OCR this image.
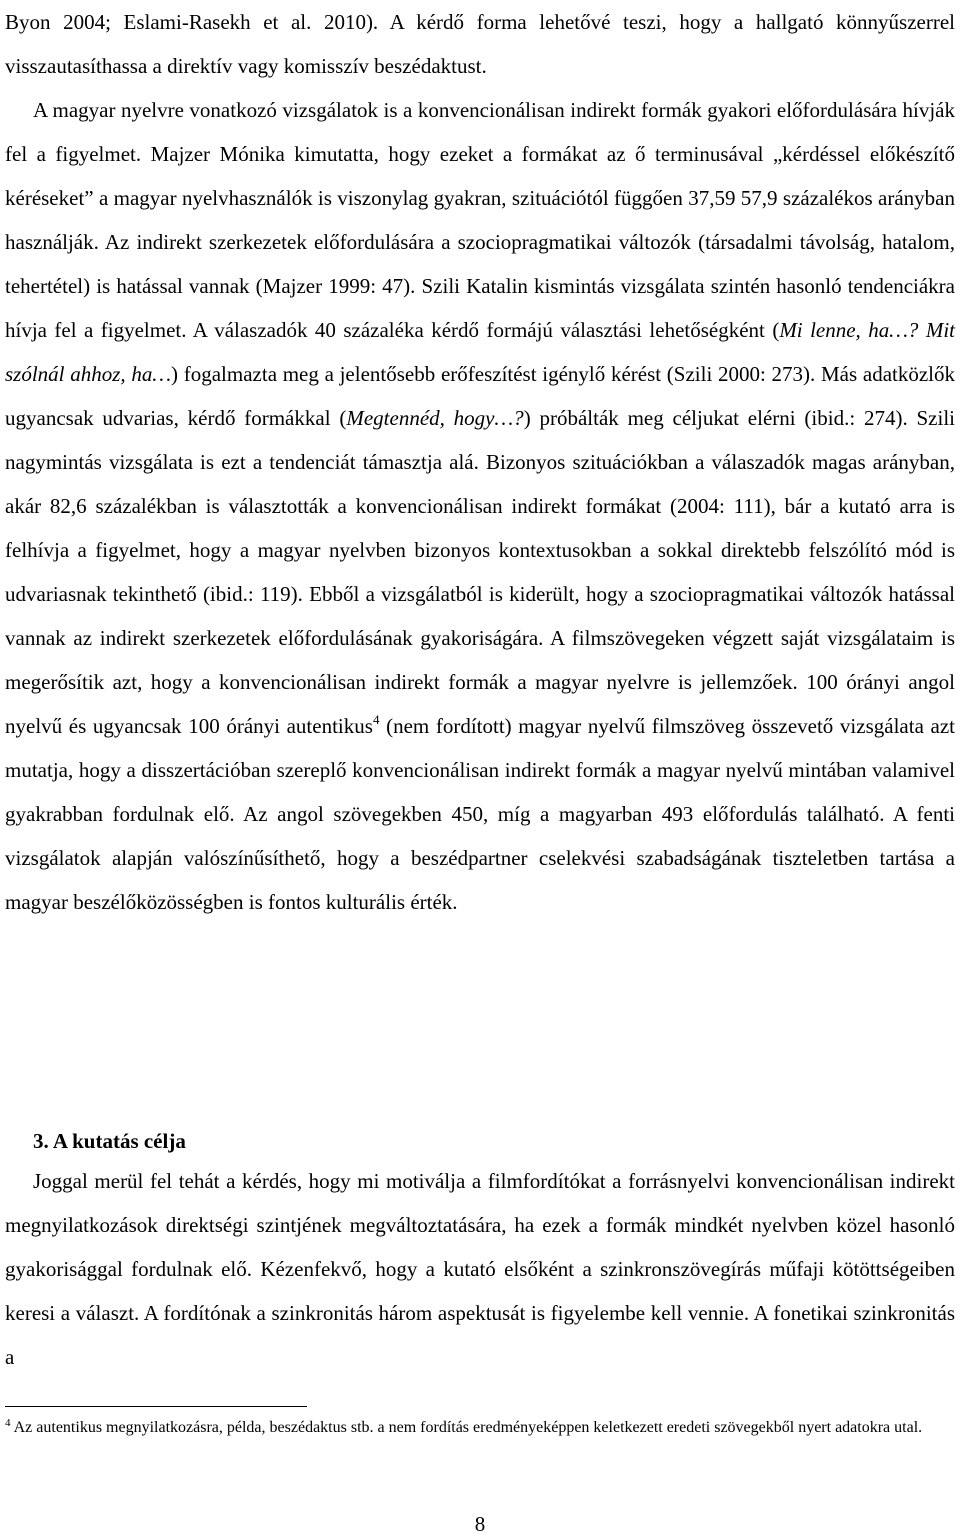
Byon 2004; Eslami-Rasekh et al. 2010). A kérdő forma lehetővé teszi, hogy a hallgató könnyűszerrel visszautasíthassa a direktív vagy komisszív beszédaktust.

A magyar nyelvre vonatkozó vizsgálatok is a konvencionálisan indirekt formák gyakori előfordulására hívják fel a figyelmet. Majzer Mónika kimutatta, hogy ezeket a formákat az ő terminusával „kérdéssel előkészítő kéréseket” a magyar nyelvhasználók is viszonylag gyakran, szituációtól függően 37,59 57,9 százalékos arányban használják. Az indirekt szerkezetek előfordulására a szociopragmatikai változók (társadalmi távolság, hatalom, tehertétel) is hatással vannak (Majzer 1999: 47). Szili Katalin kismintás vizsgálata szintén hasonló tendenciákra hívja fel a figyelmet. A válaszadók 40 százaléka kérdő formájú választási lehetőségként (Mi lenne, ha…? Mit szólnál ahhoz, ha…) fogalmazta meg a jelentősebb erőfeszítést igénylő kérést (Szili 2000: 273). Más adatközlők ugyancsak udvarias, kérdő formákkal (Megtennéd, hogy…?) próbálták meg céljukat elérni (ibid.: 274). Szili nagymintás vizsgálata is ezt a tendenciát támasztja alá. Bizonyos szituációkban a válaszadók magas arányban, akár 82,6 százalékban is választották a konvencionálisan indirekt formákat (2004: 111), bár a kutató arra is felhívja a figyelmet, hogy a magyar nyelvben bizonyos kontextusokban a sokkal direktebb felszólító mód is udvariasnak tekinthető (ibid.: 119). Ebből a vizsgálatból is kiderült, hogy a szociopragmatikai változók hatással vannak az indirekt szerkezetek előfordulásának gyakoriságára. A filmszövegeken végzett saját vizsgálataim is megerősítik azt, hogy a konvencionálisan indirekt formák a magyar nyelvre is jellemzőek. 100 órányi angol nyelvű és ugyancsak 100 órányi autentikus$^4$ (nem fordított) magyar nyelvű filmszöveg összevető vizsgálata azt mutatja, hogy a disszertációban szereplő konvencionálisan indirekt formák a magyar nyelvű mintában valamivel gyakrabban fordulnak elő. Az angol szövegekben 450, míg a magyarban 493 előfordulás található. A fenti vizsgálatok alapján valószínűsíthető, hogy a beszédpartner cselekvési szabadságának tiszteletben tartása a magyar beszélőközösségben is fontos kulturális érték.

3. A kutatás célja

Joggal merül fel tehát a kérdés, hogy mi motiválja a filmfordítókat a forrásnyelvi konvencionálisan indirekt megnyilatkozások direktségi szintjének megváltoztatására, ha ezek a formák mindkét nyelvben közel hasonló gyakorisággal fordulnak elő. Kézenfekvő, hogy a kutató elsőként a szinkronszövegírás műfaji kötöttségeiben keresi a választ. A fordítónak a szinkronitás három aspektusát is figyelembe kell vennie. A fonetikai szinkronitás a

$^4$ Az autentikus megnyilatkozásra, példa, beszédaktus stb. a nem fordítás eredményeképpen keletkezett eredeti szövegekből nyert adatokra utal.
8
